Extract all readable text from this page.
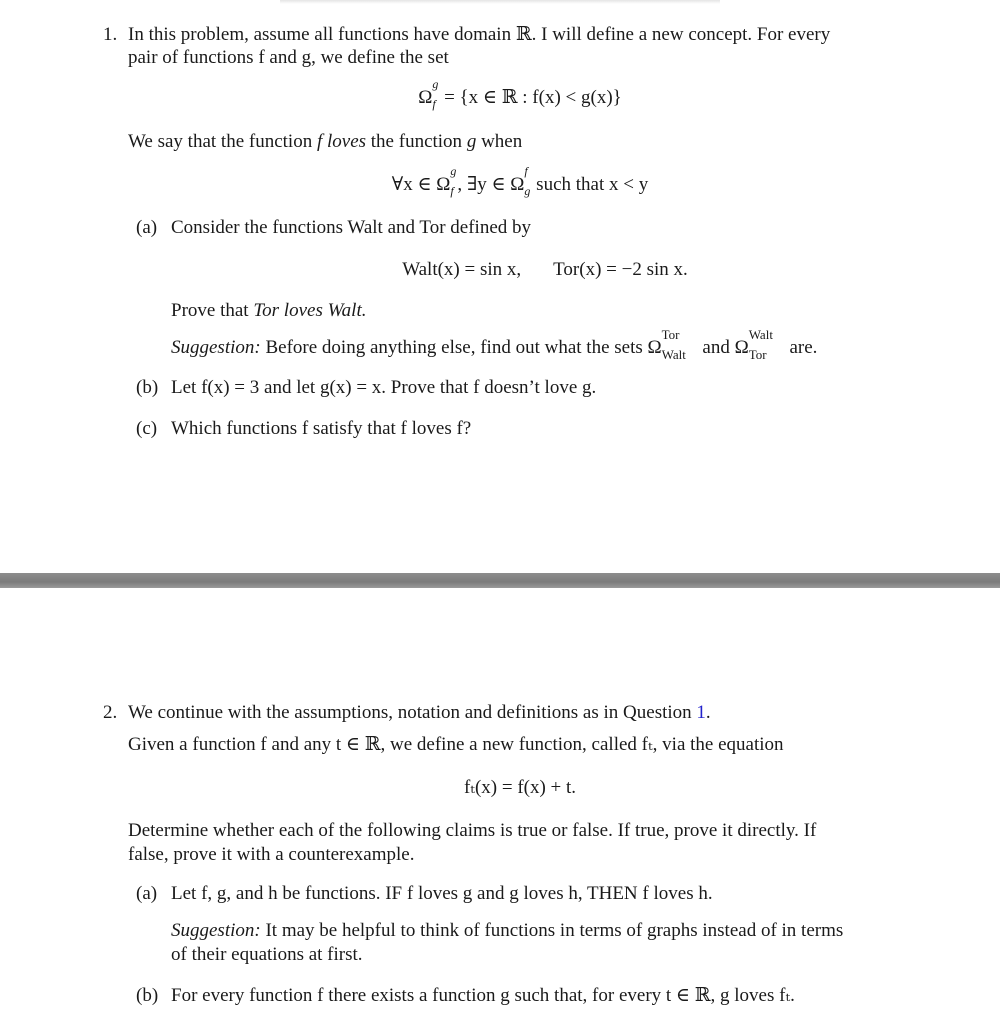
1. In this problem, assume all functions have domain ℝ. I will define a new concept. For every
pair of functions f and g, we define the set
Ω
g
f = {x ∈ ℝ : f(x) < g(x)}
We say that the function f loves the function g when
∀x ∈ Ω
g
f , ∃y ∈ Ω
f
g such that x < y
(a) Consider the functions Walt and Tor defined by
Walt(x) = sin x, Tor(x) = −2 sin x.
Prove that Tor loves Walt.
Suggestion: Before doing anything else, find out what the sets Ω
Tor
Walt and Ω
Walt
Tor are.
(b) Let f(x) = 3 and let g(x) = x. Prove that f doesn’t love g.
(c) Which functions f satisfy that f loves f?
2. We continue with the assumptions, notation and definitions as in Question 1.
Given a function f and any t ∈ ℝ, we define a new function, called fₜ, via the equation
fₜ(x) = f(x) + t.
Determine whether each of the following claims is true or false. If true, prove it directly. If
false, prove it with a counterexample.
(a) Let f, g, and h be functions. IF f loves g and g loves h, THEN f loves h.
Suggestion: It may be helpful to think of functions in terms of graphs instead of in terms
of their equations at first.
(b) For every function f there exists a function g such that, for every t ∈ ℝ, g loves fₜ.
